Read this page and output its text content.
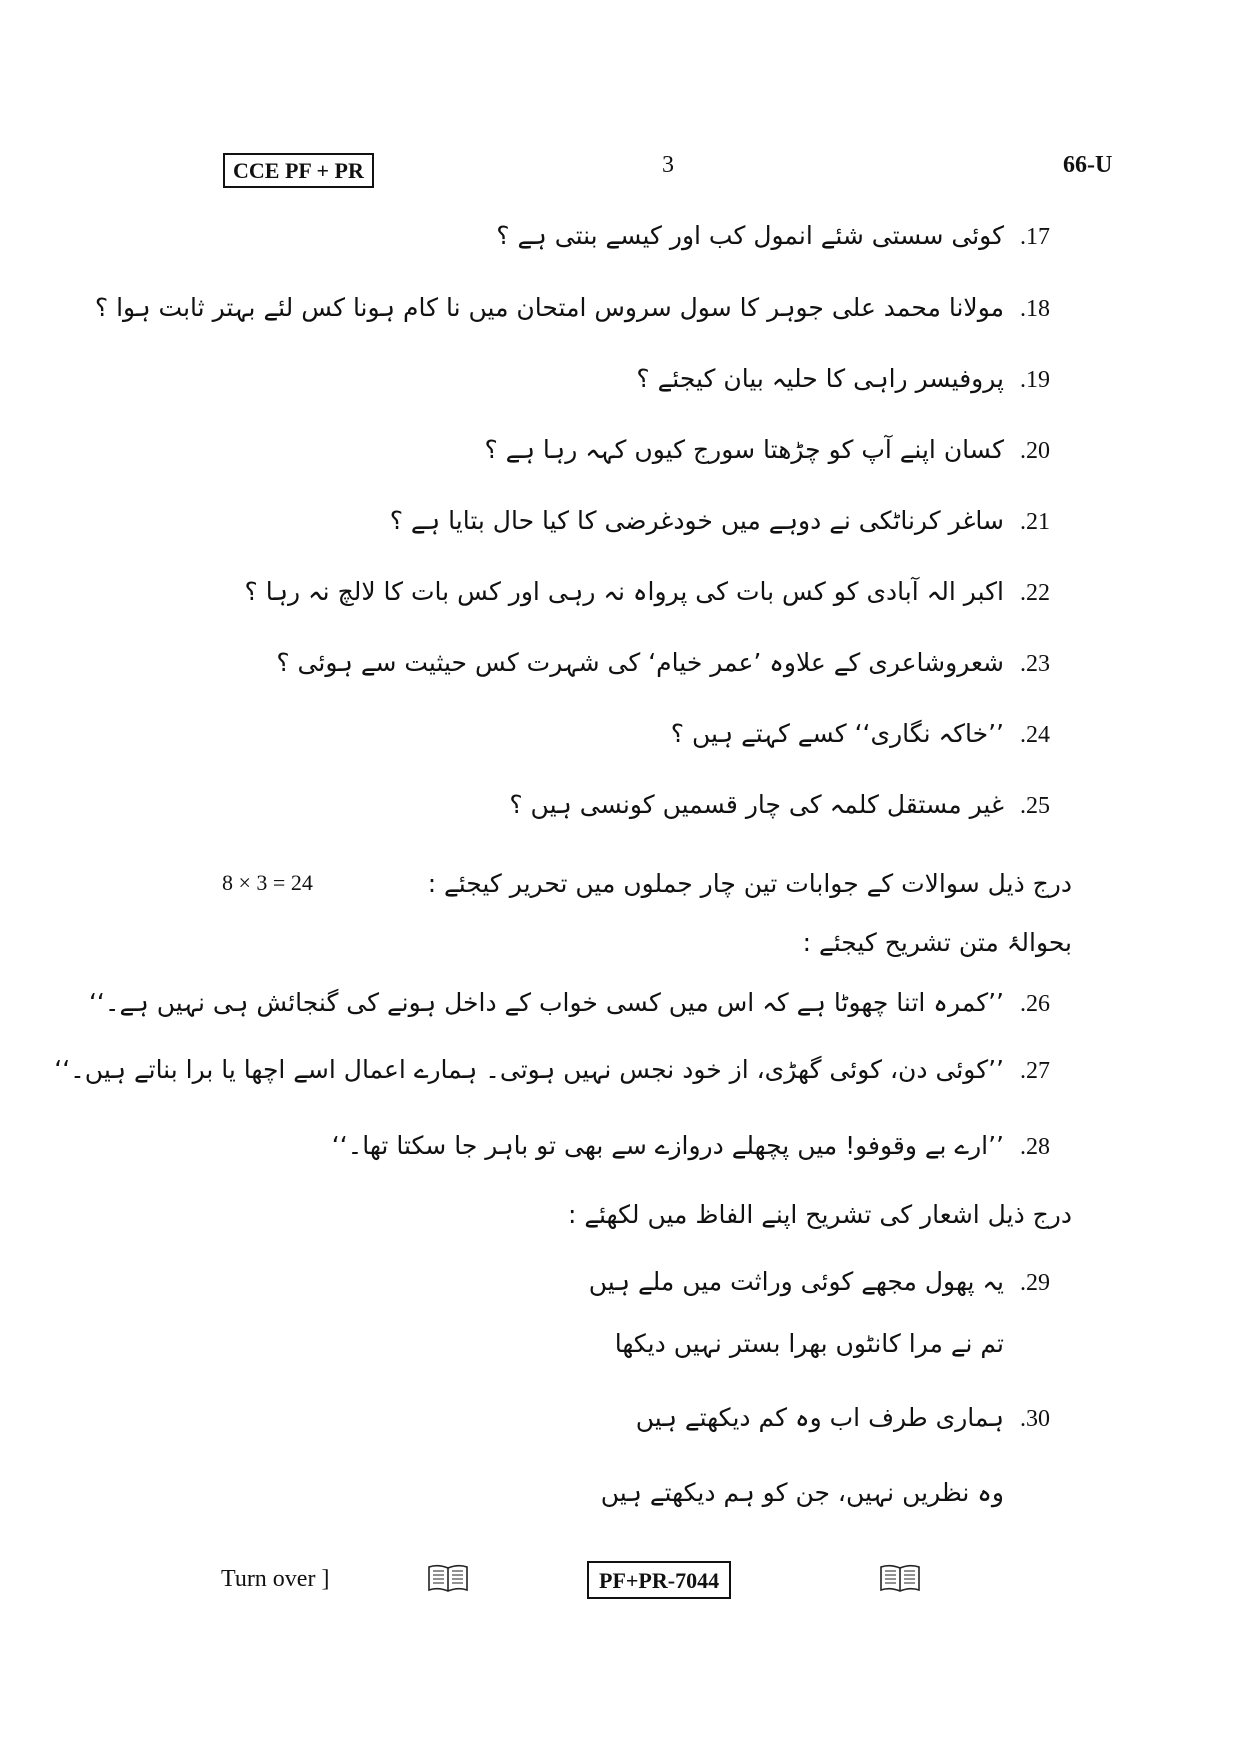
CCE PF + PR	3	66-U
.17کوئی سستی شئے انمول کب اور کیسے بنتی ہے ؟
.18مولانا محمد علی جوہر کا سول سروس امتحان میں نا کام ہونا کس لئے بہتر ثابت ہوا ؟
.19پروفیسر راہی کا حلیہ بیان کیجئے ؟
.20کسان اپنے آپ کو چڑھتا سورج کیوں کہہ رہا ہے ؟
.21ساغر کرناٹکی نے دوہے میں خودغرضی کا کیا حال بتایا ہے ؟
.22اکبر الہ آبادی کو کس بات کی پرواہ نہ رہی اور کس بات کا لالچ نہ رہا ؟
.23شعروشاعری کے علاوہ ’عمر خیام‘ کی شہرت کس حیثیت سے ہوئی ؟
.24’’خاکہ نگاری‘‘ کسے کہتے ہیں ؟
.25غیر مستقل کلمہ کی چار قسمیں کونسی ہیں ؟
درج ذیل سوالات کے جوابات تین چار جملوں میں تحریر کیجئے :
8 × 3 = 24
بحوالۂ متن تشریح کیجئے :
.26’’کمرہ اتنا چھوٹا ہے کہ اس میں کسی خواب کے داخل ہونے کی گنجائش ہی نہیں ہے۔‘‘
.27’’کوئی دن، کوئی گھڑی، از خود نجس نہیں ہوتی۔ ہمارے اعمال اسے اچھا یا برا بناتے ہیں۔‘‘
.28’’ارے بے وقوفو! میں پچھلے دروازے سے بھی تو باہر جا سکتا تھا۔‘‘
درج ذیل اشعار کی تشریح اپنے الفاظ میں لکھئے :
.29یہ پھول مجھے کوئی وراثت میں ملے ہیں
تم نے مرا کانٹوں بھرا بستر نہیں دیکھا
.30ہماری طرف اب وہ کم دیکھتے ہیں
وہ نظریں نہیں، جن کو ہم دیکھتے ہیں
Turn over ]	PF+PR-7044
